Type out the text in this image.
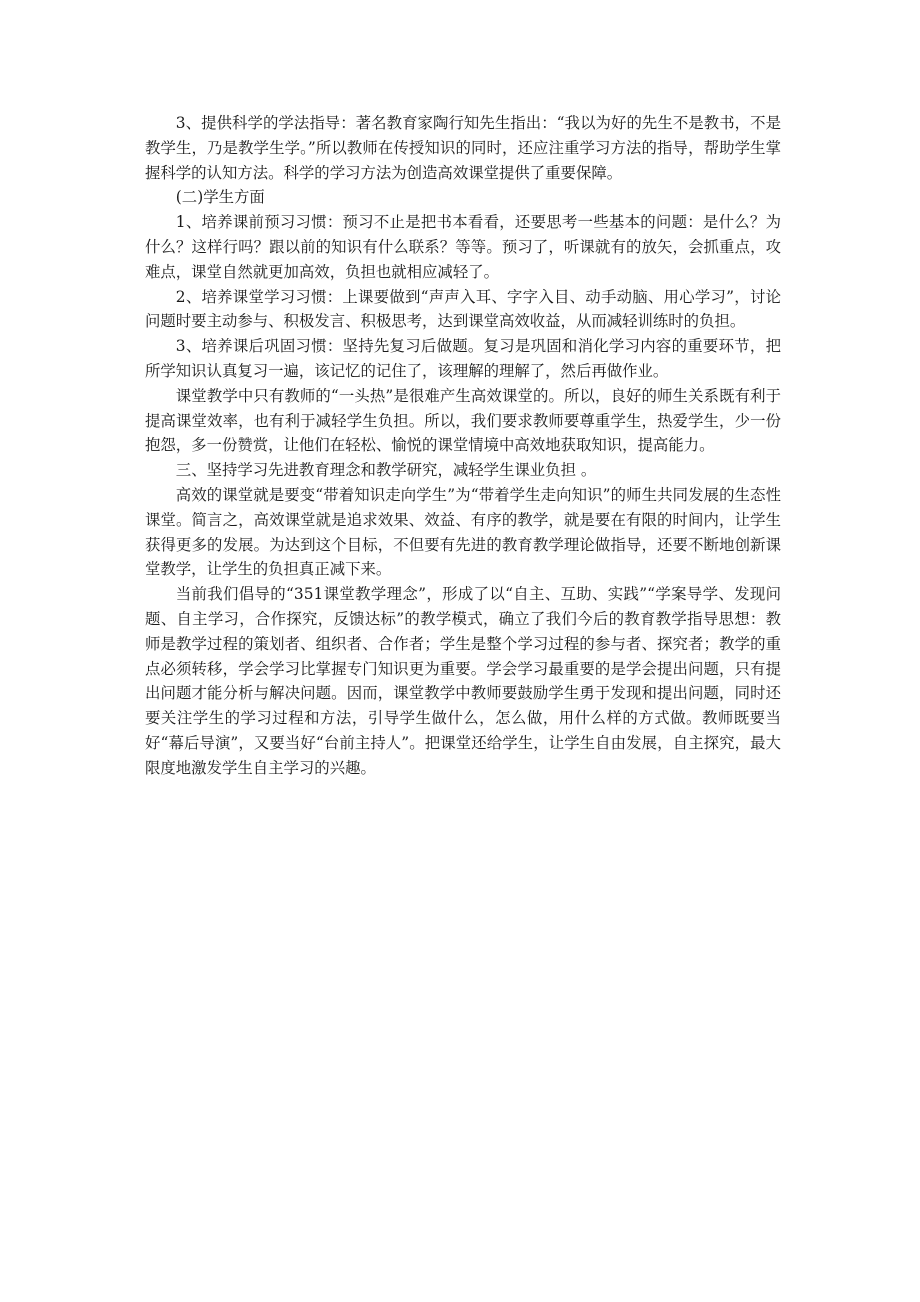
3、提供科学的学法指导：著名教育家陶行知先生指出：“我以为好的先生不是教书，不是教学生，乃是教学生学。”所以教师在传授知识的同时，还应注重学习方法的指导，帮助学生掌握科学的认知方法。科学的学习方法为创造高效课堂提供了重要保障。

(二)学生方面

1、培养课前预习习惯：预习不止是把书本看看，还要思考一些基本的问题：是什么？为什么？这样行吗？跟以前的知识有什么联系？等等。预习了，听课就有的放矢，会抓重点，攻难点，课堂自然就更加高效，负担也就相应减轻了。

2、培养课堂学习习惯：上课要做到“声声入耳、字字入目、动手动脑、用心学习”，讨论问题时要主动参与、积极发言、积极思考，达到课堂高效收益，从而减轻训练时的负担。

3、培养课后巩固习惯：坚持先复习后做题。复习是巩固和消化学习内容的重要环节，把所学知识认真复习一遍，该记忆的记住了，该理解的理解了，然后再做作业。

课堂教学中只有教师的“一头热”是很难产生高效课堂的。所以，良好的师生关系既有利于提高课堂效率，也有利于减轻学生负担。所以，我们要求教师要尊重学生，热爱学生，少一份抱怨，多一份赞赏，让他们在轻松、愉悦的课堂情境中高效地获取知识，提高能力。

三、坚持学习先进教育理念和教学研究，减轻学生课业负担 。

高效的课堂就是要变“带着知识走向学生”为“带着学生走向知识”的师生共同发展的生态性课堂。简言之，高效课堂就是追求效果、效益、有序的教学，就是要在有限的时间内，让学生获得更多的发展。为达到这个目标，不但要有先进的教育教学理论做指导，还要不断地创新课堂教学，让学生的负担真正减下来。

当前我们倡导的“351课堂教学理念”，形成了以“自主、互助、实践”“学案导学、发现问题、自主学习，合作探究，反馈达标”的教学模式，确立了我们今后的教育教学指导思想：教师是教学过程的策划者、组织者、合作者；学生是整个学习过程的参与者、探究者；教学的重点必须转移，学会学习比掌握专门知识更为重要。学会学习最重要的是学会提出问题，只有提出问题才能分析与解决问题。因而，课堂教学中教师要鼓励学生勇于发现和提出问题，同时还要关注学生的学习过程和方法，引导学生做什么，怎么做，用什么样的方式做。教师既要当好“幕后导演”，又要当好“台前主持人”。把课堂还给学生，让学生自由发展，自主探究，最大限度地激发学生自主学习的兴趣。
